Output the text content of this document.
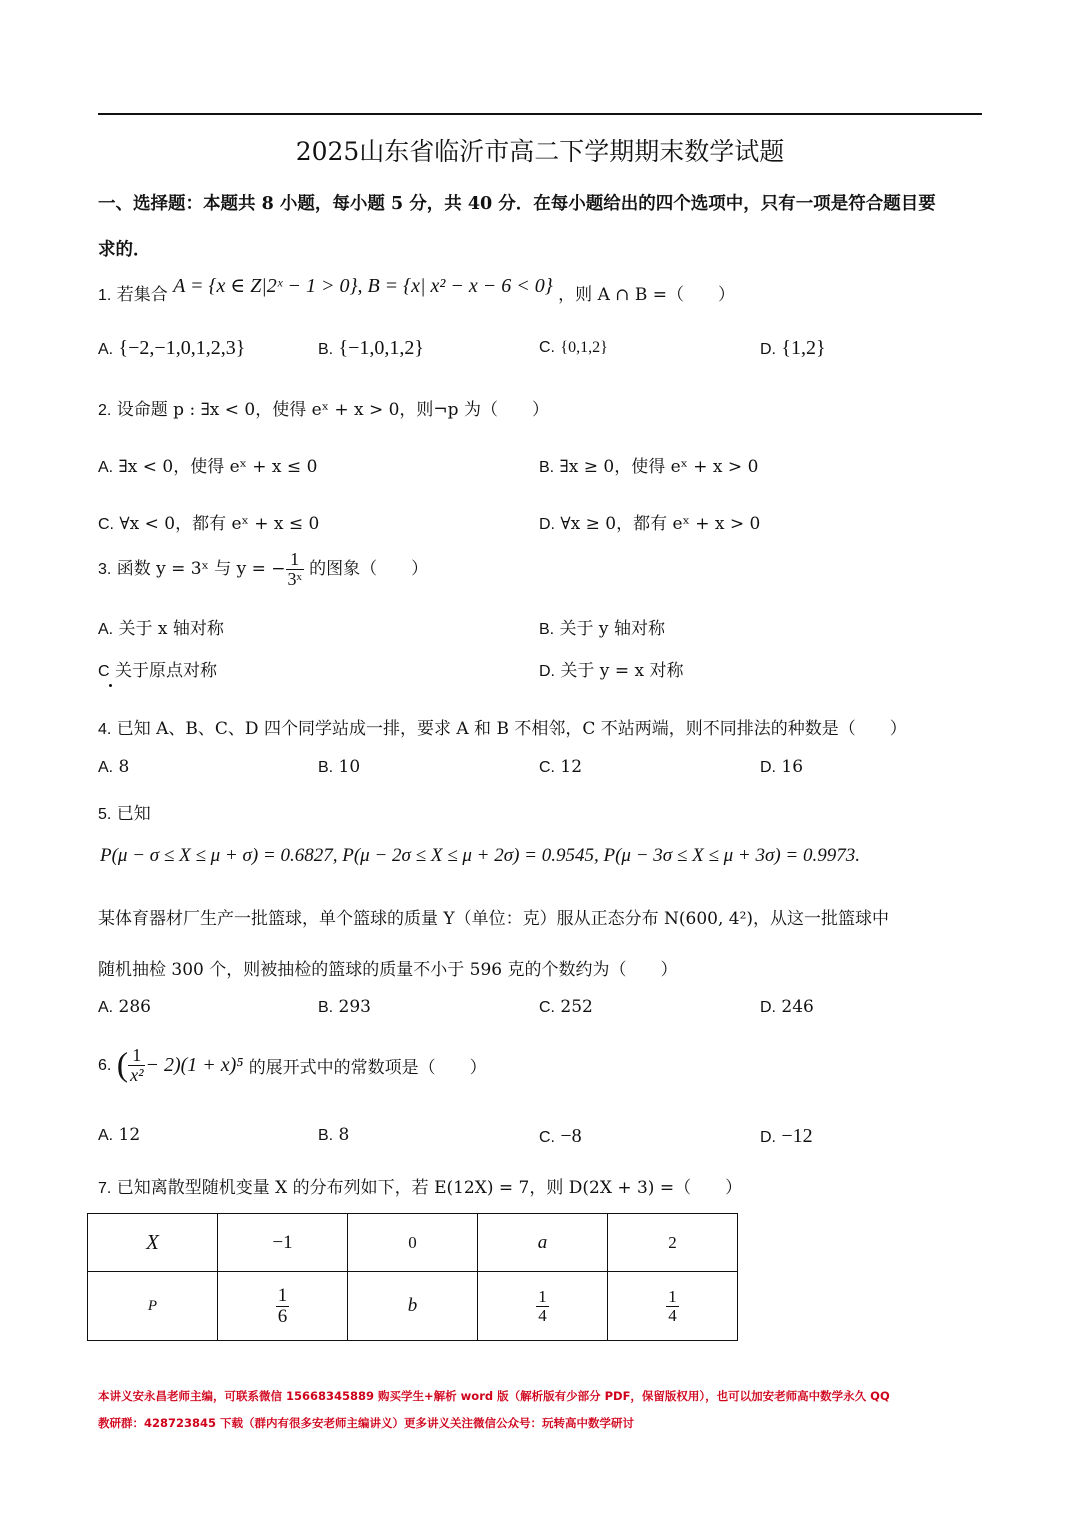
2025山东省临沂市高二下学期期末数学试题
一、选择题：本题共 8 小题，每小题 5 分，共 40 分．在每小题给出的四个选项中，只有一项是符合题目要
求的．
1. 若集合 A = {x ∈ Z|2ˣ − 1 > 0}, B = {x| x² − x − 6 < 0} ，则 A ∩ B =（　　）
A. {−2,−1,0,1,2,3}	B. {−1,0,1,2}	C. {0,1,2}	D. {1,2}
2. 设命题 p : ∃x < 0，使得 eˣ + x > 0，则¬p 为（　　）
A. ∃x < 0，使得 eˣ + x ≤ 0	B. ∃x ≥ 0，使得 eˣ + x > 0
C. ∀x < 0，都有 eˣ + x ≤ 0	D. ∀x ≥ 0，都有 eˣ + x > 0
3. 函数 y = 3ˣ 与 y = − $\frac{1}{\text{3ˣ}}$ 的图象（　　）
A. 关于 x 轴对称	B. 关于 y 轴对称
C 关于原点对称	D. 关于 y = x 对称
4. 已知 A、B、C、D 四个同学站成一排，要求 A 和 B 不相邻，C 不站两端，则不同排法的种数是（　　）
A. 8	B. 10	C. 12	D. 16
5. 已知
P(μ − σ ≤ X ≤ μ + σ) = 0.6827, P(μ − 2σ ≤ X ≤ μ + 2σ) = 0.9545, P(μ − 3σ ≤ X ≤ μ + 3σ) = 0.9973.
某体育器材厂生产一批篮球，单个篮球的质量 Y（单位：克）服从正态分布 N(600, 4²)，从这一批篮球中
随机抽检 300 个，则被抽检的篮球的质量不小于 596 克的个数约为（　　）
A. 286	B. 293	C. 252	D. 246
6. ( $\frac{1}{\text{x²}} - 2)(1 + x)^5$ 的展开式中的常数项是（　　）
A. 12	B. 8	C. −8	D. −12
7. 已知离散型随机变量 X 的分布列如下，若 E(12X) = 7，则 D(2X + 3) =（　　）
X	−1	0	a	2
P	$\frac{1}{6}$	b	$\frac{1}{4}$	$\frac{1}{4}$
本讲义安永昌老师主编，可联系微信 15668345889 购买学生+解析 word 版（解析版有少部分 PDF，保留版权用），也可以加安老师高中数学永久 QQ
教研群：428723845 下载（群内有很多安老师主编讲义）更多讲义关注微信公众号：玩转高中数学研讨
